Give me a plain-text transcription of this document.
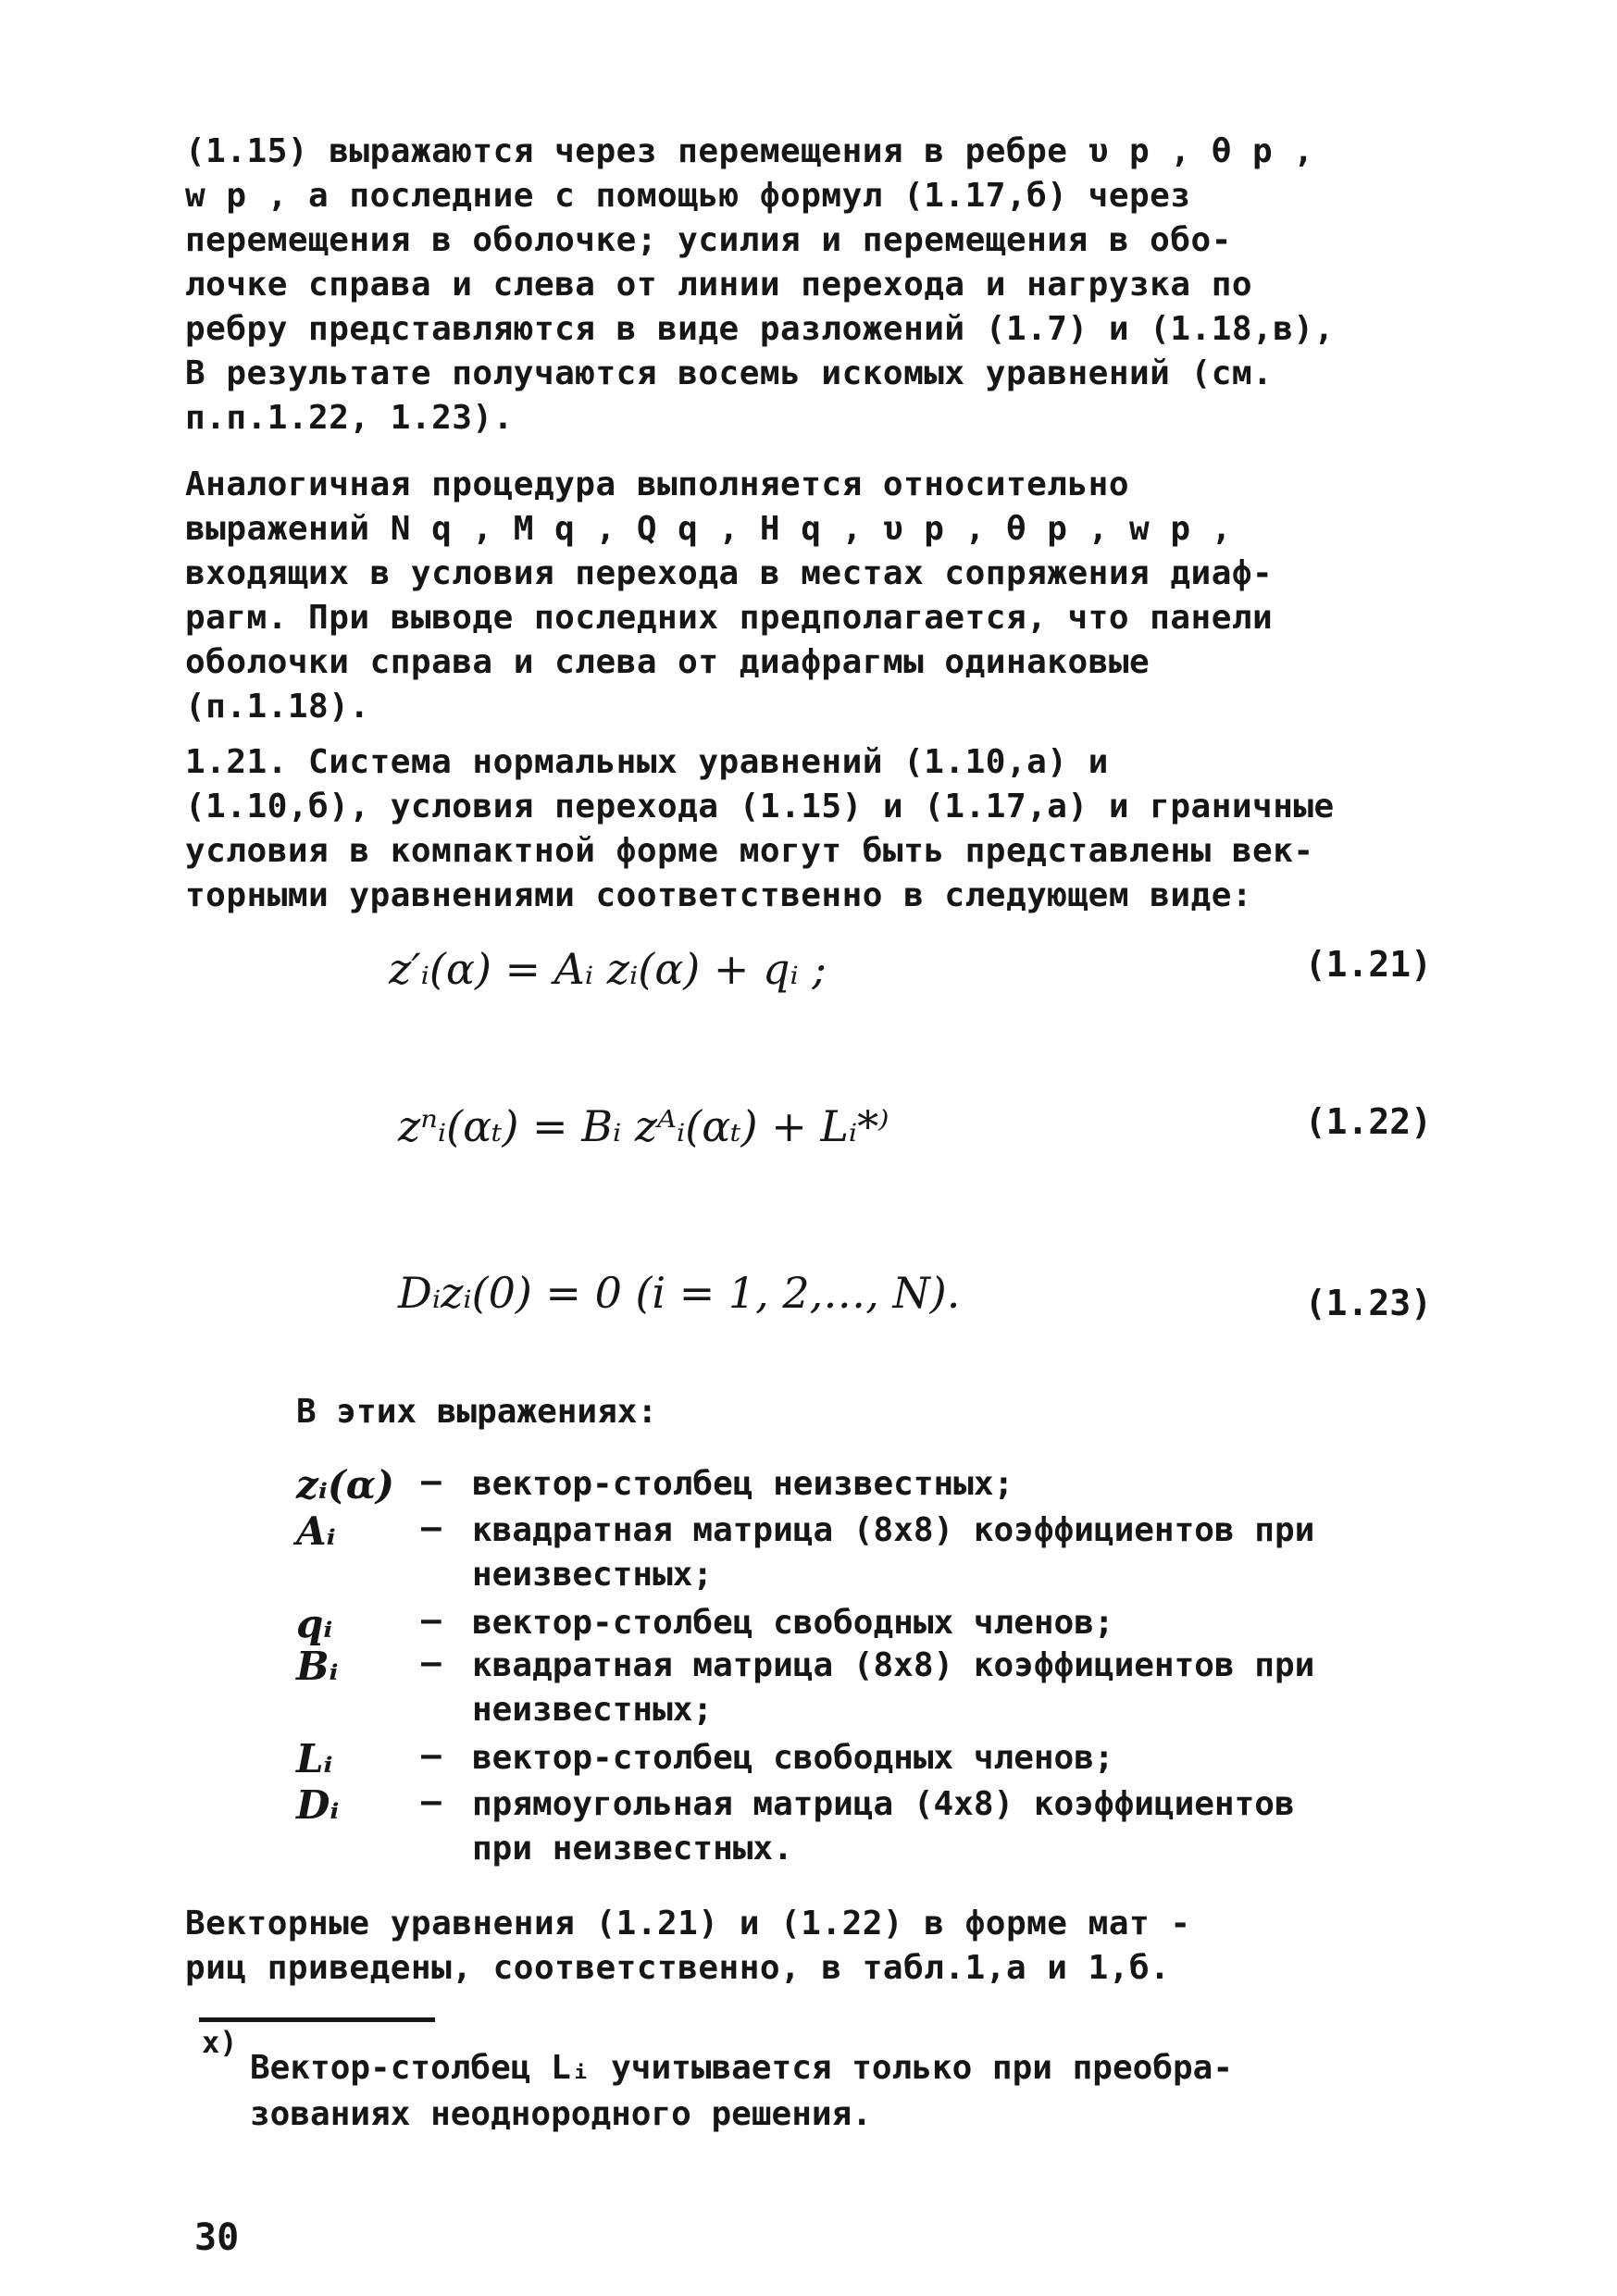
(1.15) выражаются через перемещения в ребре υ p , θ p ,
w p , а последние с помощью формул (1.17,б) через
перемещения в оболочке; усилия и перемещения в обо-
лочке справа и слева от линии перехода и нагрузка по
ребру представляются в виде разложений (1.7) и (1.18,в),
В результате получаются восемь искомых уравнений (см.
п.п.1.22, 1.23).

Аналогичная процедура выполняется относительно
выражений N q , M q , Q q , H q , υ p , θ p , w p ,
входящих в условия перехода в местах сопряжения диаф-
рагм. При выводе последних предполагается, что панели
оболочки справа и слева от диафрагмы одинаковые
(п.1.18).

1.21. Система нормальных уравнений (1.10,а) и
(1.10,б), условия перехода (1.15) и (1.17,а) и граничные
условия в компактной форме могут быть представлены век-
торными уравнениями соответственно в следующем виде:

z′ᵢ(α) = Aᵢ zᵢ(α) + qᵢ ;	(1.21)
zⁿᵢ(αₜ) = Bᵢ zᴬᵢ(αₜ) + Lᵢ*⁾	(1.22)
Dᵢzᵢ(0) = 0 (i = 1, 2,…, N).	(1.23)
В этих выражениях:
zᵢ(α) – вектор-столбец неизвестных;
Aᵢ	– квадратная матрица (8x8) коэффициентов при
неизвестных;
qᵢ	– вектор-столбец свободных членов;
Bᵢ – квадратная матрица (8x8) коэффициентов при
неизвестных;
Lᵢ	– вектор-столбец свободных членов;
Dᵢ – прямоугольная матрица (4x8) коэффициентов
при неизвестных.

Векторные уравнения (1.21) и (1.22) в форме мат -
риц приведены, соответственно, в табл.1,а и 1,б.

x)
Вектор-столбец Lᵢ учитывается только при преобра-
зованиях неоднородного решения.
30
